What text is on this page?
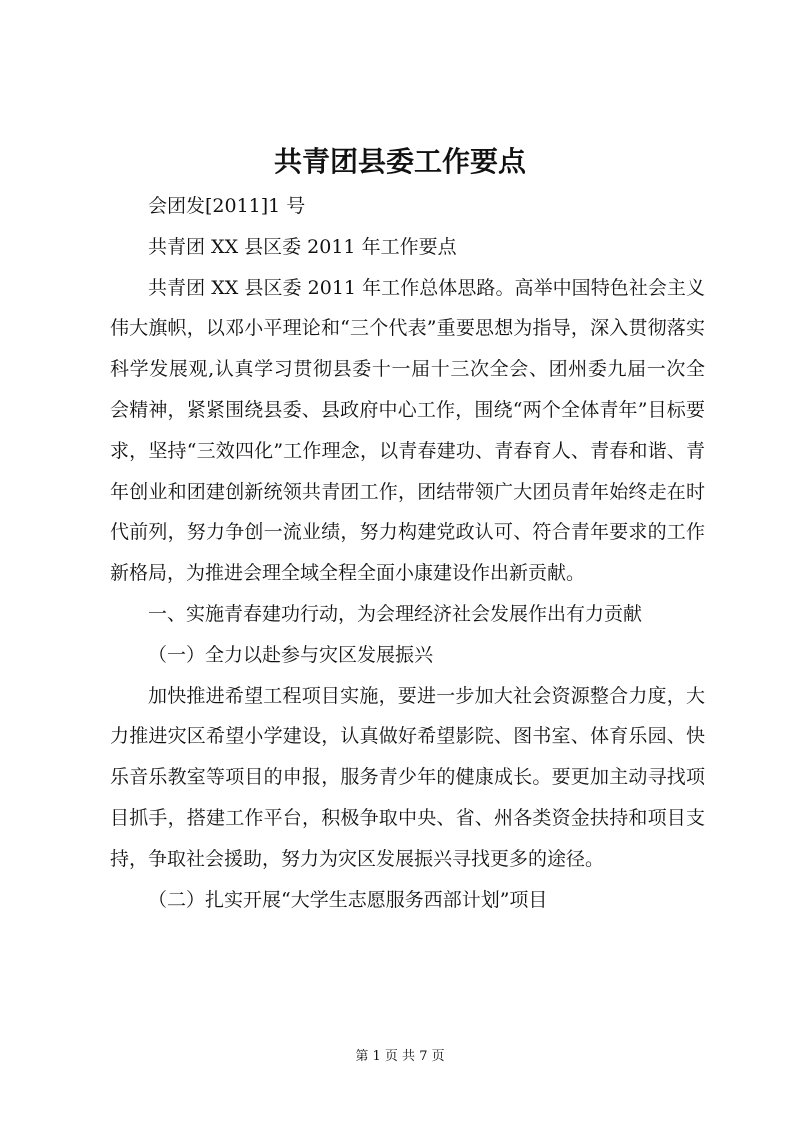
共青团县委工作要点

会团发[2011]1 号

共青团 XX 县区委 2011 年工作要点

共青团 XX 县区委 2011 年工作总体思路。高举中国特色社会主义伟大旗帜，以邓小平理论和“三个代表”重要思想为指导，深入贯彻落实科学发展观,认真学习贯彻县委十一届十三次全会、团州委九届一次全会精神，紧紧围绕县委、县政府中心工作，围绕“两个全体青年”目标要求，坚持“三效四化”工作理念，以青春建功、青春育人、青春和谐、青年创业和团建创新统领共青团工作，团结带领广大团员青年始终走在时代前列，努力争创一流业绩，努力构建党政认可、符合青年要求的工作新格局，为推进会理全域全程全面小康建设作出新贡献。

一、实施青春建功行动，为会理经济社会发展作出有力贡献

（一）全力以赴参与灾区发展振兴

加快推进希望工程项目实施，要进一步加大社会资源整合力度，大力推进灾区希望小学建设，认真做好希望影院、图书室、体育乐园、快乐音乐教室等项目的申报，服务青少年的健康成长。要更加主动寻找项目抓手，搭建工作平台，积极争取中央、省、州各类资金扶持和项目支持，争取社会援助，努力为灾区发展振兴寻找更多的途径。

（二）扎实开展“大学生志愿服务西部计划”项目

第 1 页 共 7 页
